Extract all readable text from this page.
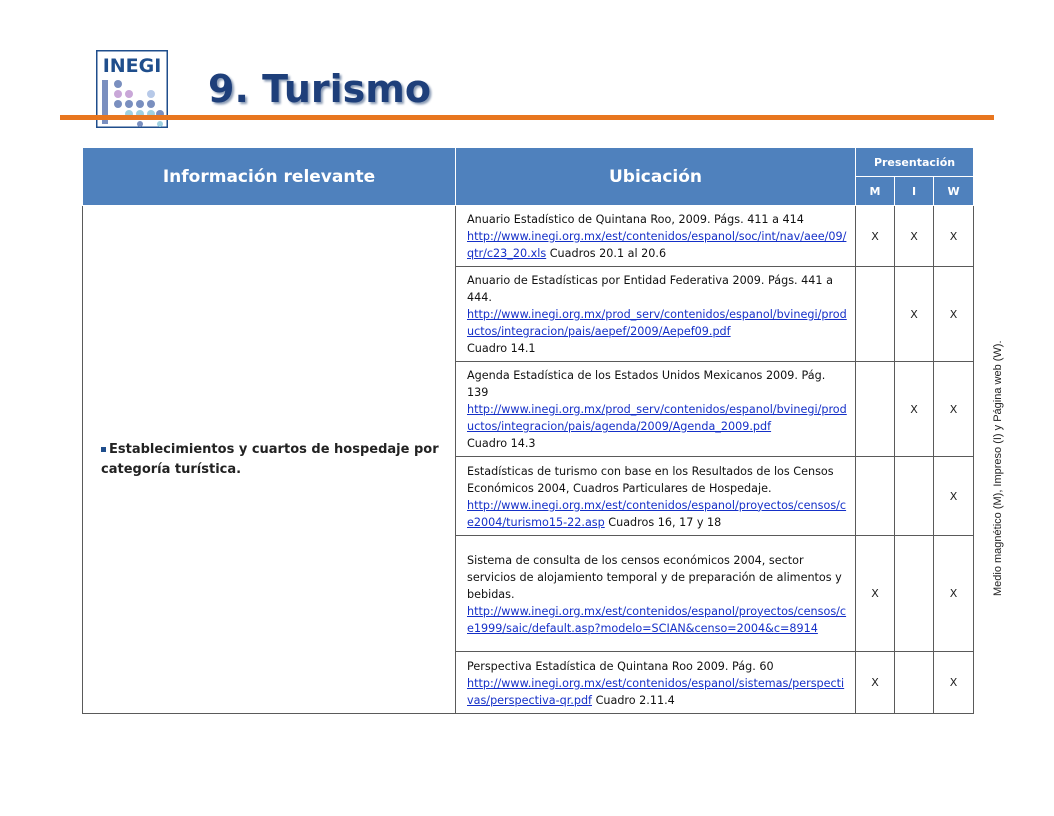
INEGI
9. Turismo
Información relevante	Ubicación	Presentación		
		M	I	W
Establecimientos y cuartos de hospedaje por categoría turística.	Anuario Estadístico de Quintana Roo, 2009. Págs. 411 a 414
http://www.inegi.org.mx/est/contenidos/espanol/soc/int/nav/aee/09/qtr/c23_20.xls Cuadros 20.1 al 20.6	X	X	X
	Anuario de Estadísticas por Entidad Federativa 2009. Págs. 441 a 444.
http://www.inegi.org.mx/prod_serv/contenidos/espanol/bvinegi/productos/integracion/pais/aepef/2009/Aepef09.pdf
Cuadro 14.1		X	X
	Agenda Estadística de los Estados Unidos Mexicanos 2009. Pág. 139
http://www.inegi.org.mx/prod_serv/contenidos/espanol/bvinegi/productos/integracion/pais/agenda/2009/Agenda_2009.pdf
Cuadro 14.3		X	X
	Estadísticas de turismo con base en los Resultados de los Censos Económicos 2004, Cuadros Particulares de Hospedaje.
http://www.inegi.org.mx/est/contenidos/espanol/proyectos/censos/ce2004/turismo15-22.asp Cuadros 16, 17 y 18			X
	Sistema de consulta de los censos económicos 2004, sector servicios de alojamiento temporal y de preparación de alimentos y bebidas.
http://www.inegi.org.mx/est/contenidos/espanol/proyectos/censos/ce1999/saic/default.asp?modelo=SCIAN&censo=2004&c=8914	X		X
	Perspectiva Estadística de Quintana Roo 2009. Pág. 60
http://www.inegi.org.mx/est/contenidos/espanol/sistemas/perspectivas/perspectiva-qr.pdf Cuadro 2.11.4	X		X
Medio magnético (M), Impreso (I) y Página web (W).
